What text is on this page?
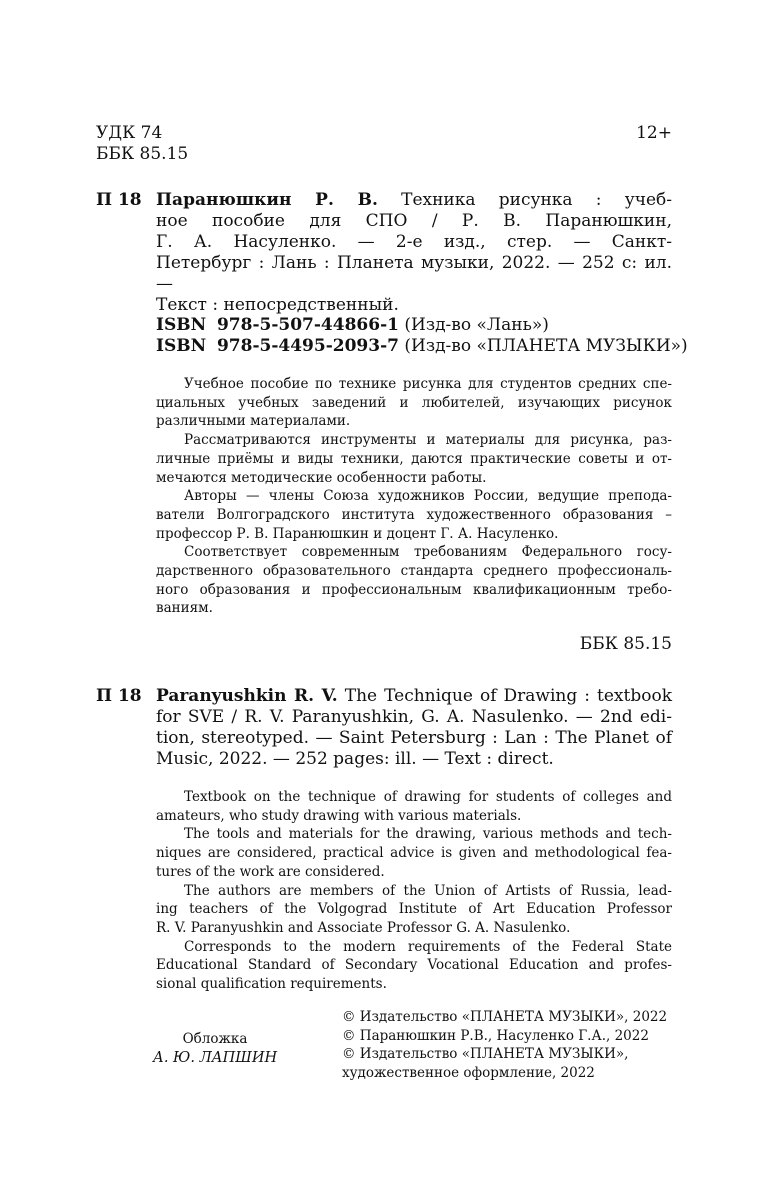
УДК 74
ББК 85.15
12+
П 18 Паранюшкин Р. В. Техника рисунка : учеб-
ное пособие для СПО / Р. В. Паранюшкин,
Г. А. Насуленко. — 2-е изд., стер. — Санкт-
Петербург : Лань : Планета музыки, 2022. — 252 с: ил. —
Текст : непосредственный.
ISBN 978-5-507-44866-1 (Изд-во «Лань»)
ISBN 978-5-4495-2093-7 (Изд-во «ПЛАНЕТА МУЗЫКИ»)
Учебное пособие по технике рисунка для студентов средних спе-
циальных учебных заведений и любителей, изучающих рисунок
различными материалами.
Рассматриваются инструменты и материалы для рисунка, раз-
личные приёмы и виды техники, даются практические советы и от-
мечаются методические особенности работы.
Авторы — члены Союза художников России, ведущие препода-
ватели Волгоградского института художественного образования –
профессор Р. В. Паранюшкин и доцент Г. А. Насуленко.
Соответствует современным требованиям Федерального госу-
дарственного образовательного стандарта среднего профессиональ-
ного образования и профессиональным квалификационным требо-
ваниям.
ББК 85.15
П 18 Paranyushkin R. V. The Technique of Drawing : textbook
for SVE / R. V. Paranyushkin, G. A. Nasulenko. — 2nd edi-
tion, stereotyped. — Saint Petersburg : Lan : The Planet of
Music, 2022. — 252 pages: ill. — Text : direct.
Textbook on the technique of drawing for students of colleges and
amateurs, who study drawing with various materials.
The tools and materials for the drawing, various methods and tech-
niques are considered, practical advice is given and methodological fea-
tures of the work are considered.
The authors are members of the Union of Artists of Russia, lead-
ing teachers of the Volgograd Institute of Art Education Professor
R. V. Paranyushkin and Associate Professor G. A. Nasulenko.
Corresponds to the modern requirements of the Federal State
Educational Standard of Secondary Vocational Education and profes-
sional qualification requirements.
Обложка
А. Ю. ЛАПШИН
© Издательство «ПЛАНЕТА МУЗЫКИ», 2022
© Паранюшкин Р.В., Насуленко Г.А., 2022
© Издательство «ПЛАНЕТА МУЗЫКИ»,
художественное оформление, 2022
